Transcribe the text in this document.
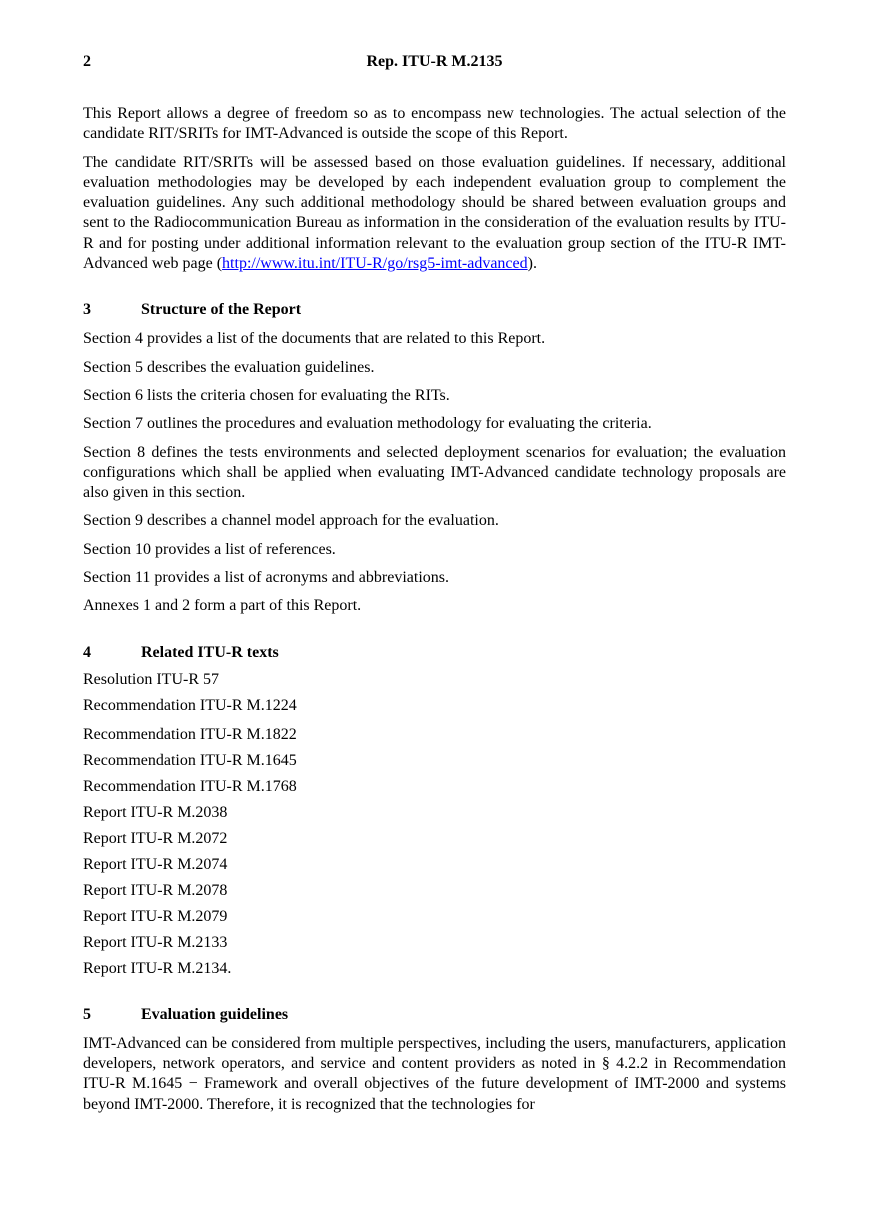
2	Rep. ITU-R M.2135

This Report allows a degree of freedom so as to encompass new technologies. The actual selection of the candidate RIT/SRITs for IMT-Advanced is outside the scope of this Report.

The candidate RIT/SRITs will be assessed based on those evaluation guidelines. If necessary, additional evaluation methodologies may be developed by each independent evaluation group to complement the evaluation guidelines. Any such additional methodology should be shared between evaluation groups and sent to the Radiocommunication Bureau as information in the consideration of the evaluation results by ITU-R and for posting under additional information relevant to the evaluation group section of the ITU-R IMT-Advanced web page (http://www.itu.int/ITU-R/go/rsg5-imt-advanced).

3	Structure of the Report

Section 4 provides a list of the documents that are related to this Report.

Section 5 describes the evaluation guidelines.

Section 6 lists the criteria chosen for evaluating the RITs.

Section 7 outlines the procedures and evaluation methodology for evaluating the criteria.

Section 8 defines the tests environments and selected deployment scenarios for evaluation; the evaluation configurations which shall be applied when evaluating IMT-Advanced candidate technology proposals are also given in this section.

Section 9 describes a channel model approach for the evaluation.

Section 10 provides a list of references.

Section 11 provides a list of acronyms and abbreviations.

Annexes 1 and 2 form a part of this Report.

4	Related ITU-R texts

Resolution ITU-R 57

Recommendation ITU-R M.1224

Recommendation ITU-R M.1822

Recommendation ITU-R M.1645

Recommendation ITU-R M.1768

Report ITU-R M.2038

Report ITU-R M.2072

Report ITU-R M.2074

Report ITU-R M.2078

Report ITU-R M.2079

Report ITU-R M.2133

Report ITU-R M.2134.

5	Evaluation guidelines

IMT-Advanced can be considered from multiple perspectives, including the users, manufacturers, application developers, network operators, and service and content providers as noted in § 4.2.2 in Recommendation ITU-R M.1645 − Framework and overall objectives of the future development of IMT-2000 and systems beyond IMT-2000. Therefore, it is recognized that the technologies for
